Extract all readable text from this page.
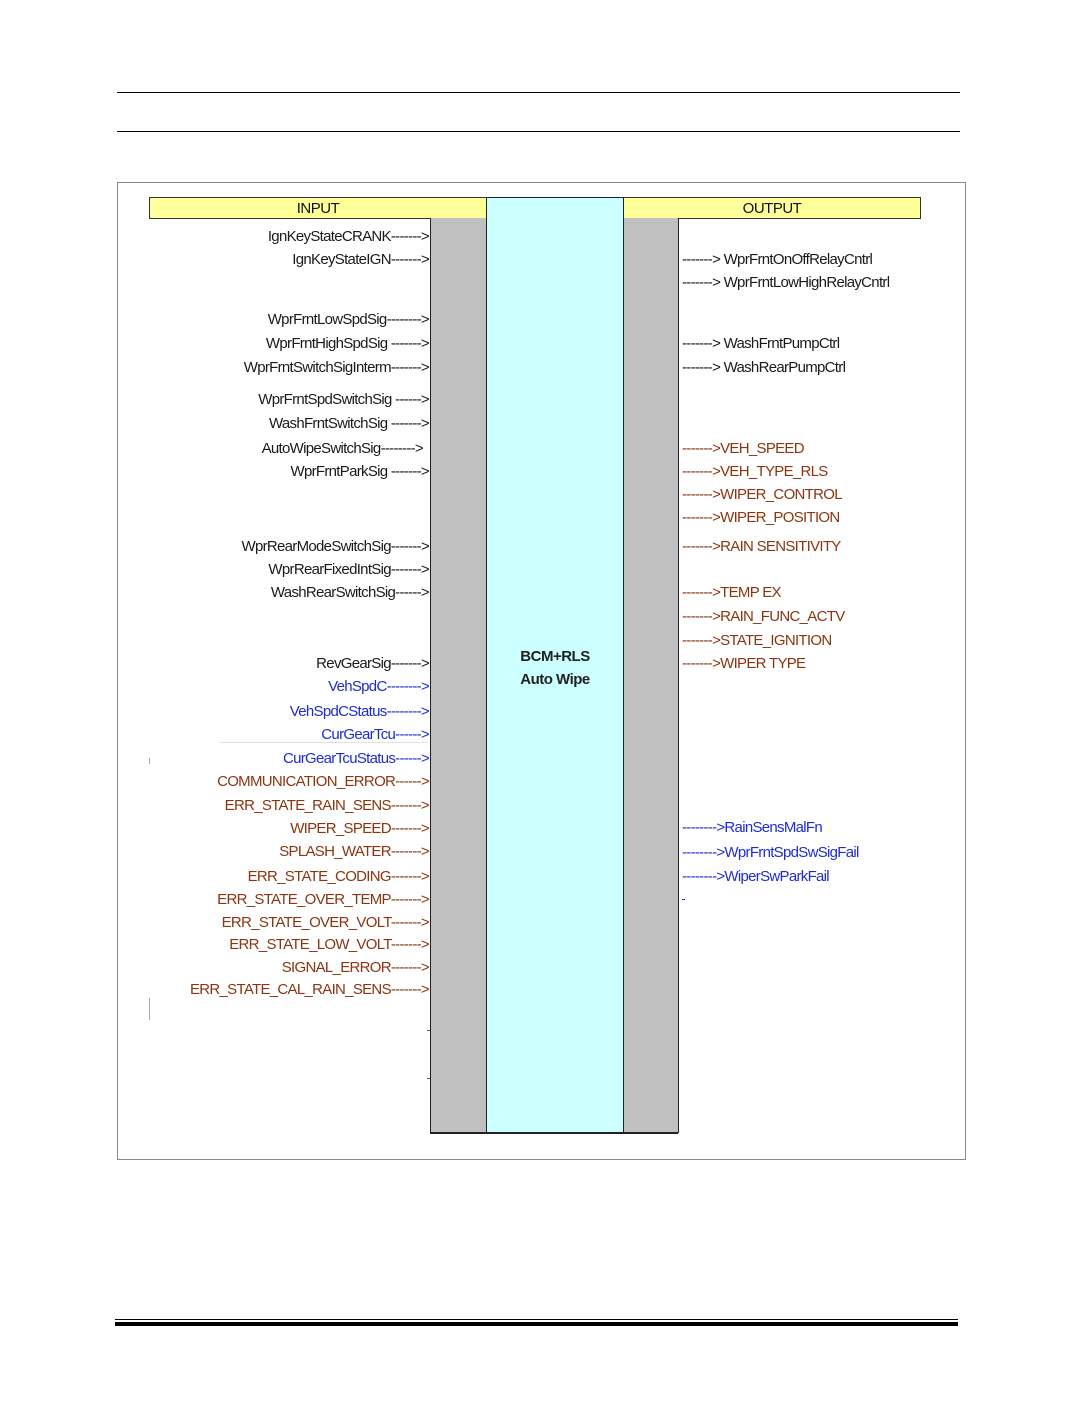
INPUT	OUTPUT
BCM+RLS
Auto Wipe
IgnKeyStateCRANK------->
IgnKeyStateIGN------->
WprFrntLowSpdSig-------->
WprFrntHighSpdSig ------->
WprFrntSwitchSigInterm------->
WprFrntSpdSwitchSig ------>
WashFrntSwitchSig ------->
AutoWipeSwitchSig-------->
WprFrntParkSig ------->
WprRearModeSwitchSig------->
WprRearFixedIntSig------->
WashRearSwitchSig------>
RevGearSig------->
VehSpdC-------->
VehSpdCStatus-------->
CurGearTcu------>
CurGearTcuStatus------>
COMMUNICATION_ERROR------>
ERR_STATE_RAIN_SENS------->
WIPER_SPEED------->
SPLASH_WATER------->
ERR_STATE_CODING------->
ERR_STATE_OVER_TEMP------->
ERR_STATE_OVER_VOLT------->
ERR_STATE_LOW_VOLT------->
SIGNAL_ERROR------->
ERR_STATE_CAL_RAIN_SENS------->
-------> WprFrntOnOffRelayCntrl
-------> WprFrntLowHighRelayCntrl
-------> WashFrntPumpCtrl
-------> WashRearPumpCtrl
------->VEH_SPEED
------->VEH_TYPE_RLS
------->WIPER_CONTROL
------->WIPER_POSITION
------->RAIN SENSITIVITY
------->TEMP EX
------->RAIN_FUNC_ACTV
------->STATE_IGNITION
------->WIPER TYPE
-------->RainSensMalFn
-------->WprFrntSpdSwSigFail
-------->WiperSwParkFail
